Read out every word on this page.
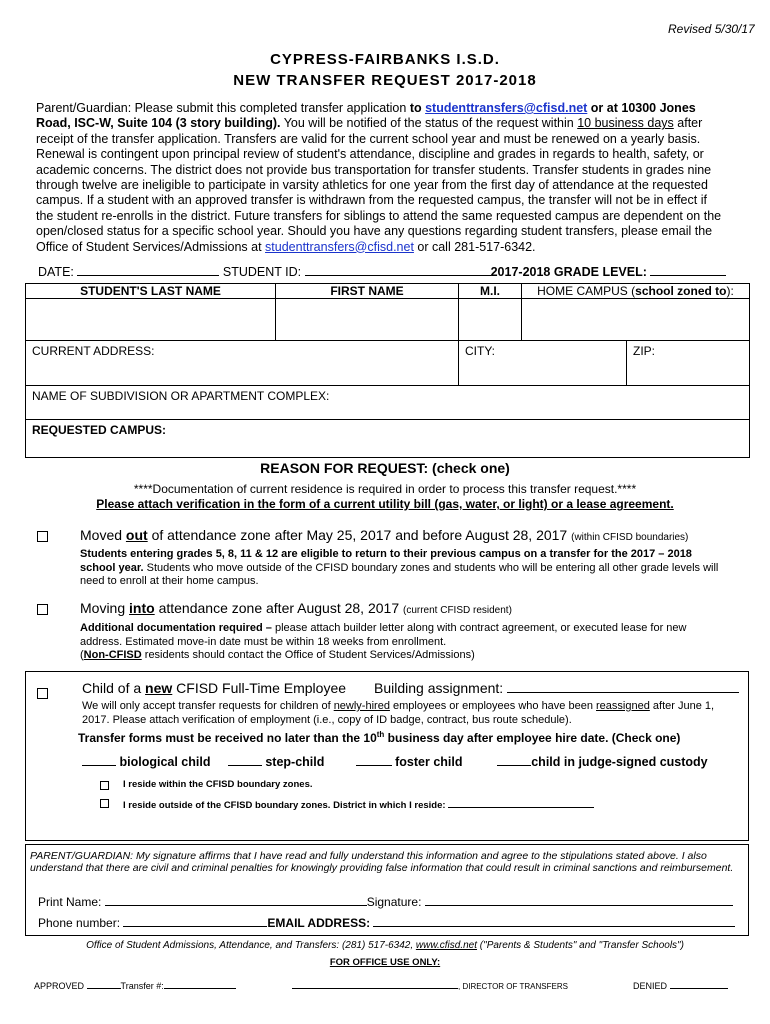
Revised 5/30/17
CYPRESS-FAIRBANKS I.S.D.
NEW TRANSFER REQUEST 2017-2018
Parent/Guardian: Please submit this completed transfer application to studenttransfers@cfisd.net or at 10300 Jones Road, ISC-W, Suite 104 (3 story building). You will be notified of the status of the request within 10 business days after receipt of the transfer application. Transfers are valid for the current school year and must be renewed on a yearly basis. Renewal is contingent upon principal review of student's attendance, discipline and grades in regards to health, safety, or academic concerns. The district does not provide bus transportation for transfer students. Transfer students in grades nine through twelve are ineligible to participate in varsity athletics for one year from the first day of attendance at the requested campus. If a student with an approved transfer is withdrawn from the requested campus, the transfer will not be in effect if the student re-enrolls in the district. Future transfers for siblings to attend the same requested campus are dependent on the open/closed status for a specific school year. Should you have any questions regarding student transfers, please email the Office of Student Services/Admissions at studenttransfers@cfisd.net or call 281-517-6342.
DATE:	STUDENT ID:	2017-2018 GRADE LEVEL:
STUDENT'S LAST NAME	FIRST NAME	M.I.	HOME CAMPUS (school zoned to):

CURRENT ADDRESS:		CITY:	ZIP:

NAME OF SUBDIVISION OR APARTMENT COMPLEX:
REQUESTED CAMPUS:
REASON FOR REQUEST: (check one)
****Documentation of current residence is required in order to process this transfer request.****
Please attach verification in the form of a current utility bill (gas, water, or light) or a lease agreement.
Moved out of attendance zone after May 25, 2017 and before August 28, 2017 (within CFISD boundaries)
Students entering grades 5, 8, 11 & 12 are eligible to return to their previous campus on a transfer for the 2017 – 2018 school year. Students who move outside of the CFISD boundary zones and students who will be entering all other grade levels will need to enroll at their home campus.
Moving into attendance zone after August 28, 2017 (current CFISD resident)
Additional documentation required – please attach builder letter along with contract agreement, or executed lease for new address. Estimated move-in date must be within 18 weeks from enrollment.
(Non-CFISD residents should contact the Office of Student Services/Admissions)
Child of a new CFISD Full-Time Employee Building assignment:
We will only accept transfer requests for children of newly-hired employees or employees who have been reassigned after June 1, 2017. Please attach verification of employment (i.e., copy of ID badge, contract, bus route schedule).
Transfer forms must be received no later than the 10th business day after employee hire date. (Check one)
biological child	step-child	foster child	child in judge-signed custody
I reside within the CFISD boundary zones.
I reside outside of the CFISD boundary zones. District in which I reside:
PARENT/GUARDIAN: My signature affirms that I have read and fully understand this information and agree to the stipulations stated above. I also understand that there are civil and criminal penalties for knowingly providing false information that could result in criminal sanctions and reimbursement.
Print Name:	Signature:
Phone number:	EMAIL ADDRESS:
Office of Student Admissions, Attendance, and Transfers: (281) 517-6342, www.cfisd.net ("Parents & Students" and "Transfer Schools")
FOR OFFICE USE ONLY:
APPROVED	Transfer #:	, DIRECTOR OF TRANSFERS	DENIED
